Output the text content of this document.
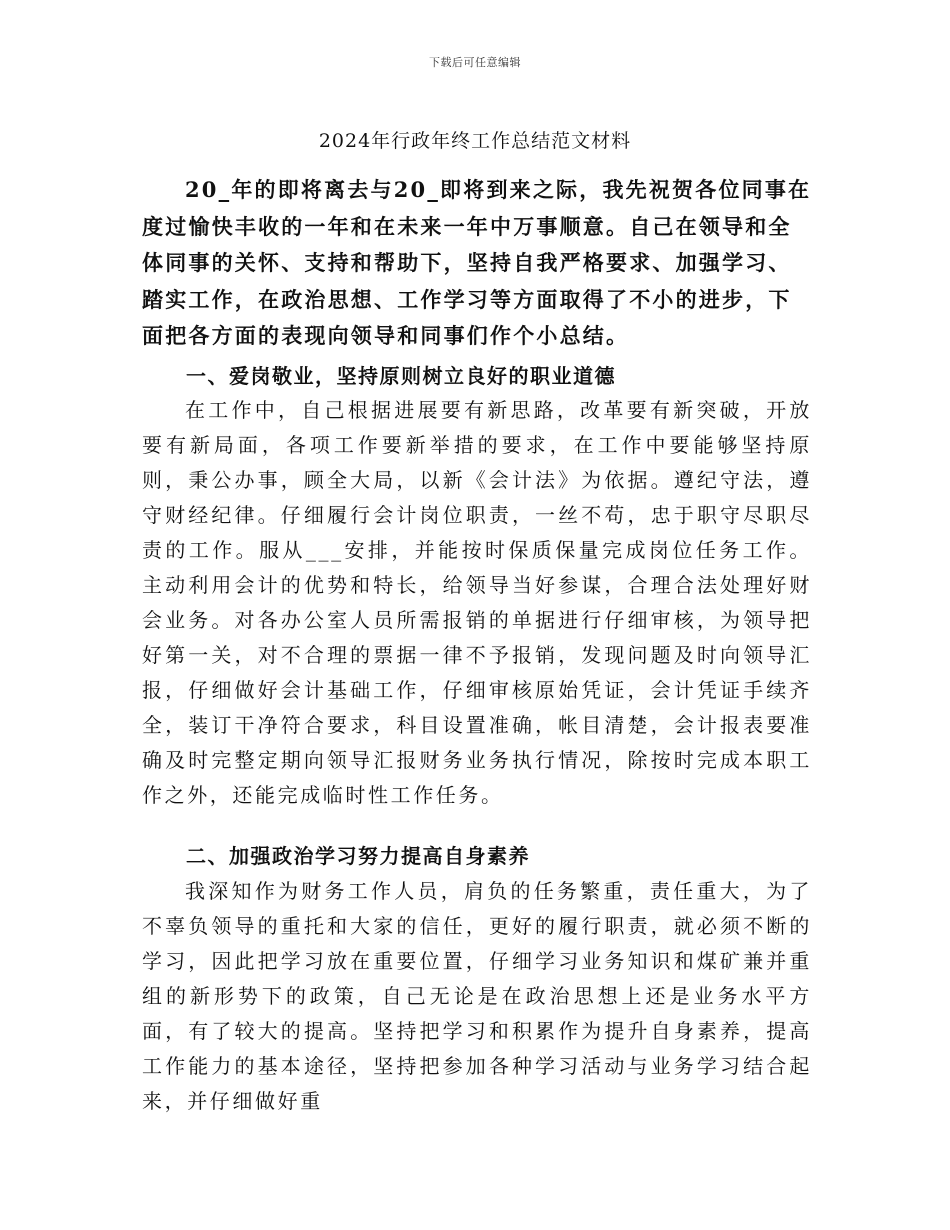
下载后可任意编辑
2024年行政年终工作总结范文材料
20_年的即将离去与20_即将到来之际，我先祝贺各位同事在度过愉快丰收的一年和在未来一年中万事顺意。自己在领导和全体同事的关怀、支持和帮助下，坚持自我严格要求、加强学习、踏实工作，在政治思想、工作学习等方面取得了不小的进步，下面把各方面的表现向领导和同事们作个小总结。
一、爱岗敬业，坚持原则树立良好的职业道德
在工作中，自己根据进展要有新思路，改革要有新突破，开放要有新局面，各项工作要新举措的要求，在工作中要能够坚持原则，秉公办事，顾全大局，以新《会计法》为依据。遵纪守法，遵守财经纪律。仔细履行会计岗位职责，一丝不苟，忠于职守尽职尽责的工作。服从___安排，并能按时保质保量完成岗位任务工作。主动利用会计的优势和特长，给领导当好参谋，合理合法处理好财会业务。对各办公室人员所需报销的单据进行仔细审核，为领导把好第一关，对不合理的票据一律不予报销，发现问题及时向领导汇报，仔细做好会计基础工作，仔细审核原始凭证，会计凭证手续齐全，装订干净符合要求，科目设置准确，帐目清楚，会计报表要准确及时完整定期向领导汇报财务业务执行情况，除按时完成本职工作之外，还能完成临时性工作任务。
二、加强政治学习努力提高自身素养
我深知作为财务工作人员，肩负的任务繁重，责任重大，为了不辜负领导的重托和大家的信任，更好的履行职责，就必须不断的学习，因此把学习放在重要位置，仔细学习业务知识和煤矿兼并重组的新形势下的政策，自己无论是在政治思想上还是业务水平方面，有了较大的提高。坚持把学习和积累作为提升自身素养，提高工作能力的基本途径，坚持把参加各种学习活动与业务学习结合起来，并仔细做好重
